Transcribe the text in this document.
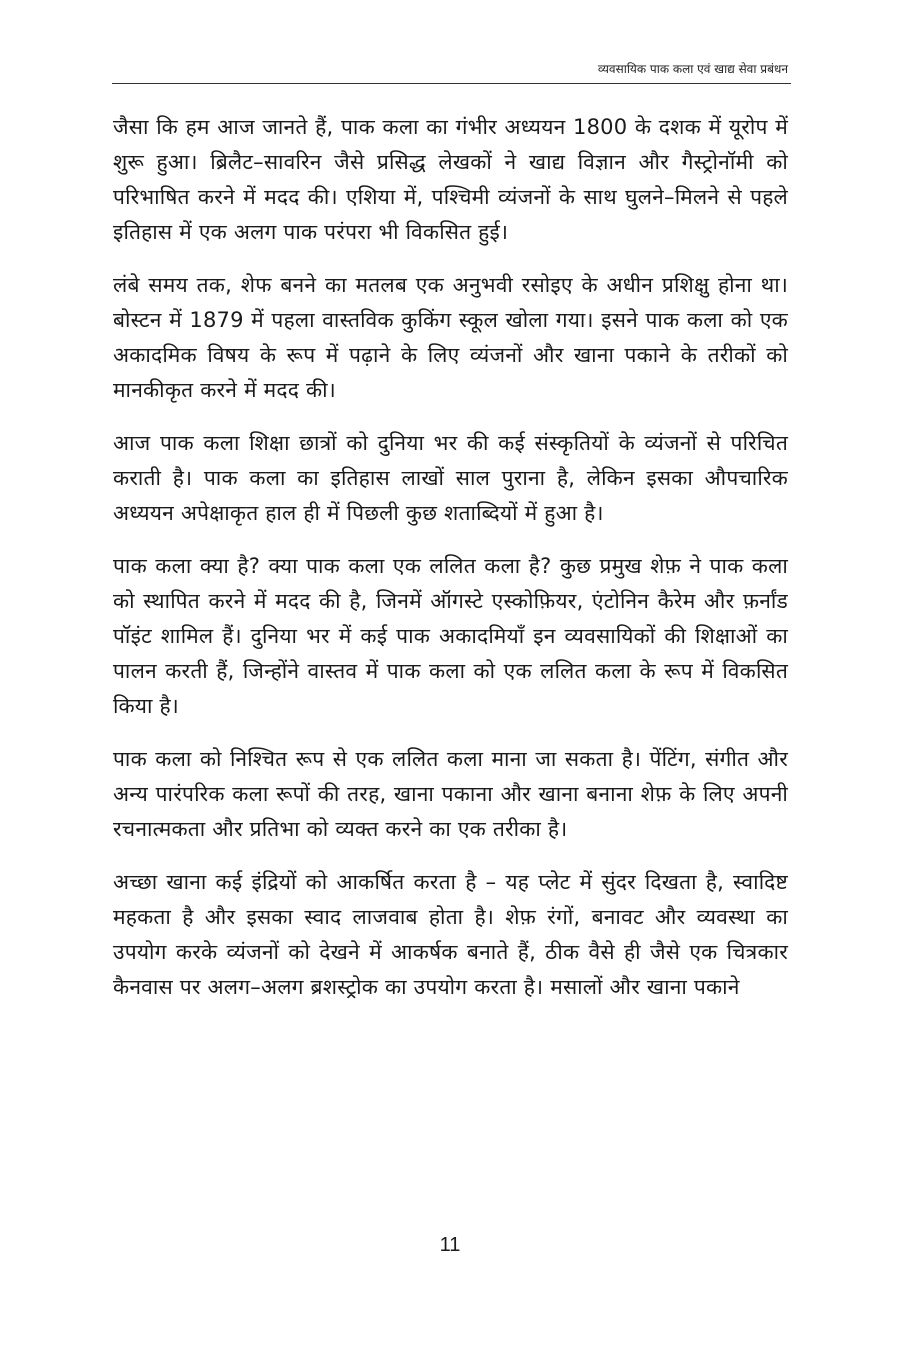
व्यवसायिक पाक कला एवं खाद्य सेवा प्रबंधन

जैसा कि हम आज जानते हैं, पाक कला का गंभीर अध्ययन 1800 के दशक में यूरोप में शुरू हुआ। ब्रिलैट–सावरिन जैसे प्रसिद्ध लेखकों ने खाद्य विज्ञान और गैस्ट्रोनॉमी को परिभाषित करने में मदद की। एशिया में, पश्चिमी व्यंजनों के साथ घुलने–मिलने से पहले इतिहास में एक अलग पाक परंपरा भी विकसित हुई।

लंबे समय तक, शेफ बनने का मतलब एक अनुभवी रसोइए के अधीन प्रशिक्षु होना था। बोस्टन में 1879 में पहला वास्तविक कुकिंग स्कूल खोला गया। इसने पाक कला को एक अकादमिक विषय के रूप में पढ़ाने के लिए व्यंजनों और खाना पकाने के तरीकों को मानकीकृत करने में मदद की।

आज पाक कला शिक्षा छात्रों को दुनिया भर की कई संस्कृतियों के व्यंजनों से परिचित कराती है। पाक कला का इतिहास लाखों साल पुराना है, लेकिन इसका औपचारिक अध्ययन अपेक्षाकृत हाल ही में पिछली कुछ शताब्दियों में हुआ है।

पाक कला क्या है? क्या पाक कला एक ललित कला है? कुछ प्रमुख शेफ़ ने पाक कला को स्थापित करने में मदद की है, जिनमें ऑगस्टे एस्कोफ़ियर, एंटोनिन कैरेम और फ़र्नांड पॉइंट शामिल हैं। दुनिया भर में कई पाक अकादमियाँ इन व्यवसायिकों की शिक्षाओं का पालन करती हैं, जिन्होंने वास्तव में पाक कला को एक ललित कला के रूप में विकसित किया है।

पाक कला को निश्चित रूप से एक ललित कला माना जा सकता है। पेंटिंग, संगीत और अन्य पारंपरिक कला रूपों की तरह, खाना पकाना और खाना बनाना शेफ़ के लिए अपनी रचनात्मकता और प्रतिभा को व्यक्त करने का एक तरीका है।

अच्छा खाना कई इंद्रियों को आकर्षित करता है – यह प्लेट में सुंदर दिखता है, स्वादिष्ट महकता है और इसका स्वाद लाजवाब होता है। शेफ़ रंगों, बनावट और व्यवस्था का उपयोग करके व्यंजनों को देखने में आकर्षक बनाते हैं, ठीक वैसे ही जैसे एक चित्रकार कैनवास पर अलग–अलग ब्रशस्ट्रोक का उपयोग करता है। मसालों और खाना पकाने

11
